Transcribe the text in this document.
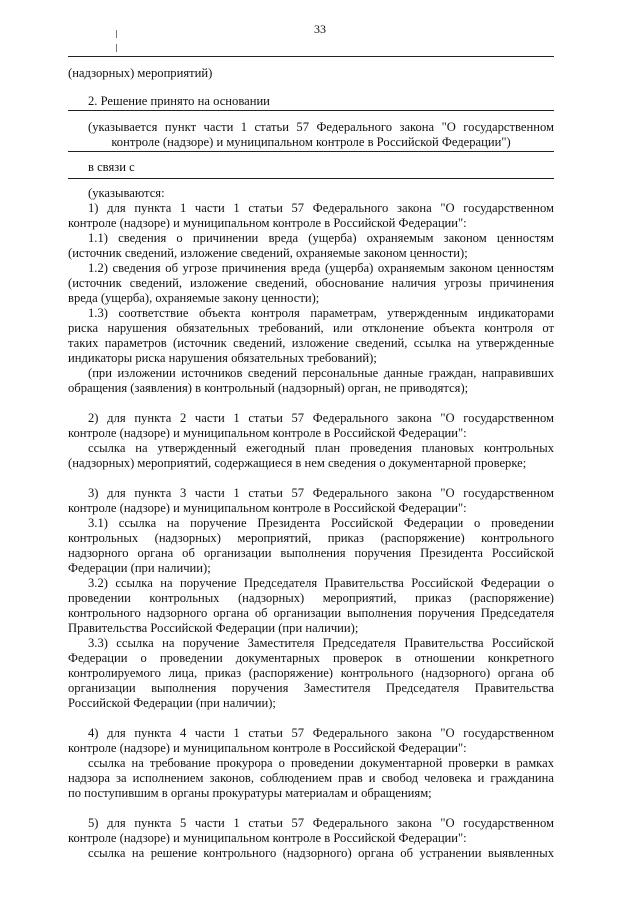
33
(надзорных) мероприятий)
2. Решение принято на основании

(указывается пункт части 1 статьи 57 Федерального закона "О государственном

контроле (надзоре) и муниципальном контроле в Российской Федерации")

в связи с

(указываются:

1) для пункта 1 части 1 статьи 57 Федерального закона "О государственном

контроле (надзоре) и муниципальном контроле в Российской Федерации":

1.1) сведения о причинении вреда (ущерба) охраняемым законом ценностям

(источник сведений, изложение сведений, охраняемые законом ценности);

1.2) сведения об угрозе причинения вреда (ущерба) охраняемым законом ценностям

(источник сведений, изложение сведений, обоснование наличия угрозы причинения

вреда (ущерба), охраняемые закону ценности);

1.3) соответствие объекта контроля параметрам, утвержденным индикаторами

риска нарушения обязательных требований, или отклонение объекта контроля от

таких параметров (источник сведений, изложение сведений, ссылка на утвержденные

индикаторы риска нарушения обязательных требований);

(при изложении источников сведений персональные данные граждан, направивших

обращения (заявления) в контрольный (надзорный) орган, не приводятся);

2) для пункта 2 части 1 статьи 57 Федерального закона "О государственном

контроле (надзоре) и муниципальном контроле в Российской Федерации":

ссылка на утвержденный ежегодный план проведения плановых контрольных

(надзорных) мероприятий, содержащиеся в нем сведения о документарной проверке;

3) для пункта 3 части 1 статьи 57 Федерального закона "О государственном

контроле (надзоре) и муниципальном контроле в Российской Федерации":

3.1) ссылка на поручение Президента Российской Федерации о проведении

контрольных (надзорных) мероприятий, приказ (распоряжение) контрольного

надзорного органа об организации выполнения поручения Президента Российской

Федерации (при наличии);

3.2) ссылка на поручение Председателя Правительства Российской Федерации о

проведении контрольных (надзорных) мероприятий, приказ (распоряжение)

контрольного надзорного органа об организации выполнения поручения Председателя

Правительства Российской Федерации (при наличии);

3.3) ссылка на поручение Заместителя Председателя Правительства Российской

Федерации о проведении документарных проверок в отношении конкретного

контролируемого лица, приказ (распоряжение) контрольного (надзорного) органа об

организации выполнения поручения Заместителя Председателя Правительства

Российской Федерации (при наличии);

4) для пункта 4 части 1 статьи 57 Федерального закона "О государственном

контроле (надзоре) и муниципальном контроле в Российской Федерации":

ссылка на требование прокурора о проведении документарной проверки в рамках

надзора за исполнением законов, соблюдением прав и свобод человека и гражданина

по поступившим в органы прокуратуры материалам и обращениям;

5) для пункта 5 части 1 статьи 57 Федерального закона "О государственном

контроле (надзоре) и муниципальном контроле в Российской Федерации":

ссылка на решение контрольного (надзорного) органа об устранении выявленных
